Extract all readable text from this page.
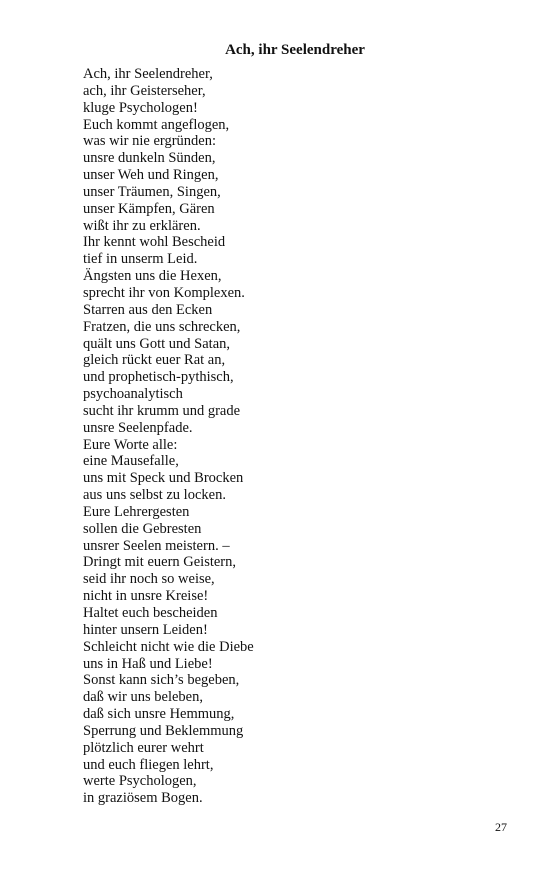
Ach, ihr Seelendreher
Ach, ihr Seelendreher,
ach, ihr Geisterseher,
kluge Psychologen!
Euch kommt angeflogen,
was wir nie ergründen:
unsre dunkeln Sünden,
unser Weh und Ringen,
unser Träumen, Singen,
unser Kämpfen, Gären
wißt ihr zu erklären.
Ihr kennt wohl Bescheid
tief in unserm Leid.
Ängsten uns die Hexen,
sprecht ihr von Komplexen.
Starren aus den Ecken
Fratzen, die uns schrecken,
quält uns Gott und Satan,
gleich rückt euer Rat an,
und prophetisch-pythisch,
psychoanalytisch
sucht ihr krumm und grade
unsre Seelenpfade.
Eure Worte alle:
eine Mausefalle,
uns mit Speck und Brocken
aus uns selbst zu locken.
Eure Lehrergesten
sollen die Gebresten
unsrer Seelen meistern. –
Dringt mit euern Geistern,
seid ihr noch so weise,
nicht in unsre Kreise!
Haltet euch bescheiden
hinter unsern Leiden!
Schleicht nicht wie die Diebe
uns in Haß und Liebe!
Sonst kann sich’s begeben,
daß wir uns beleben,
daß sich unsre Hemmung,
Sperrung und Beklemmung
plötzlich eurer wehrt
und euch fliegen lehrt,
werte Psychologen,
in graziösem Bogen.
27
